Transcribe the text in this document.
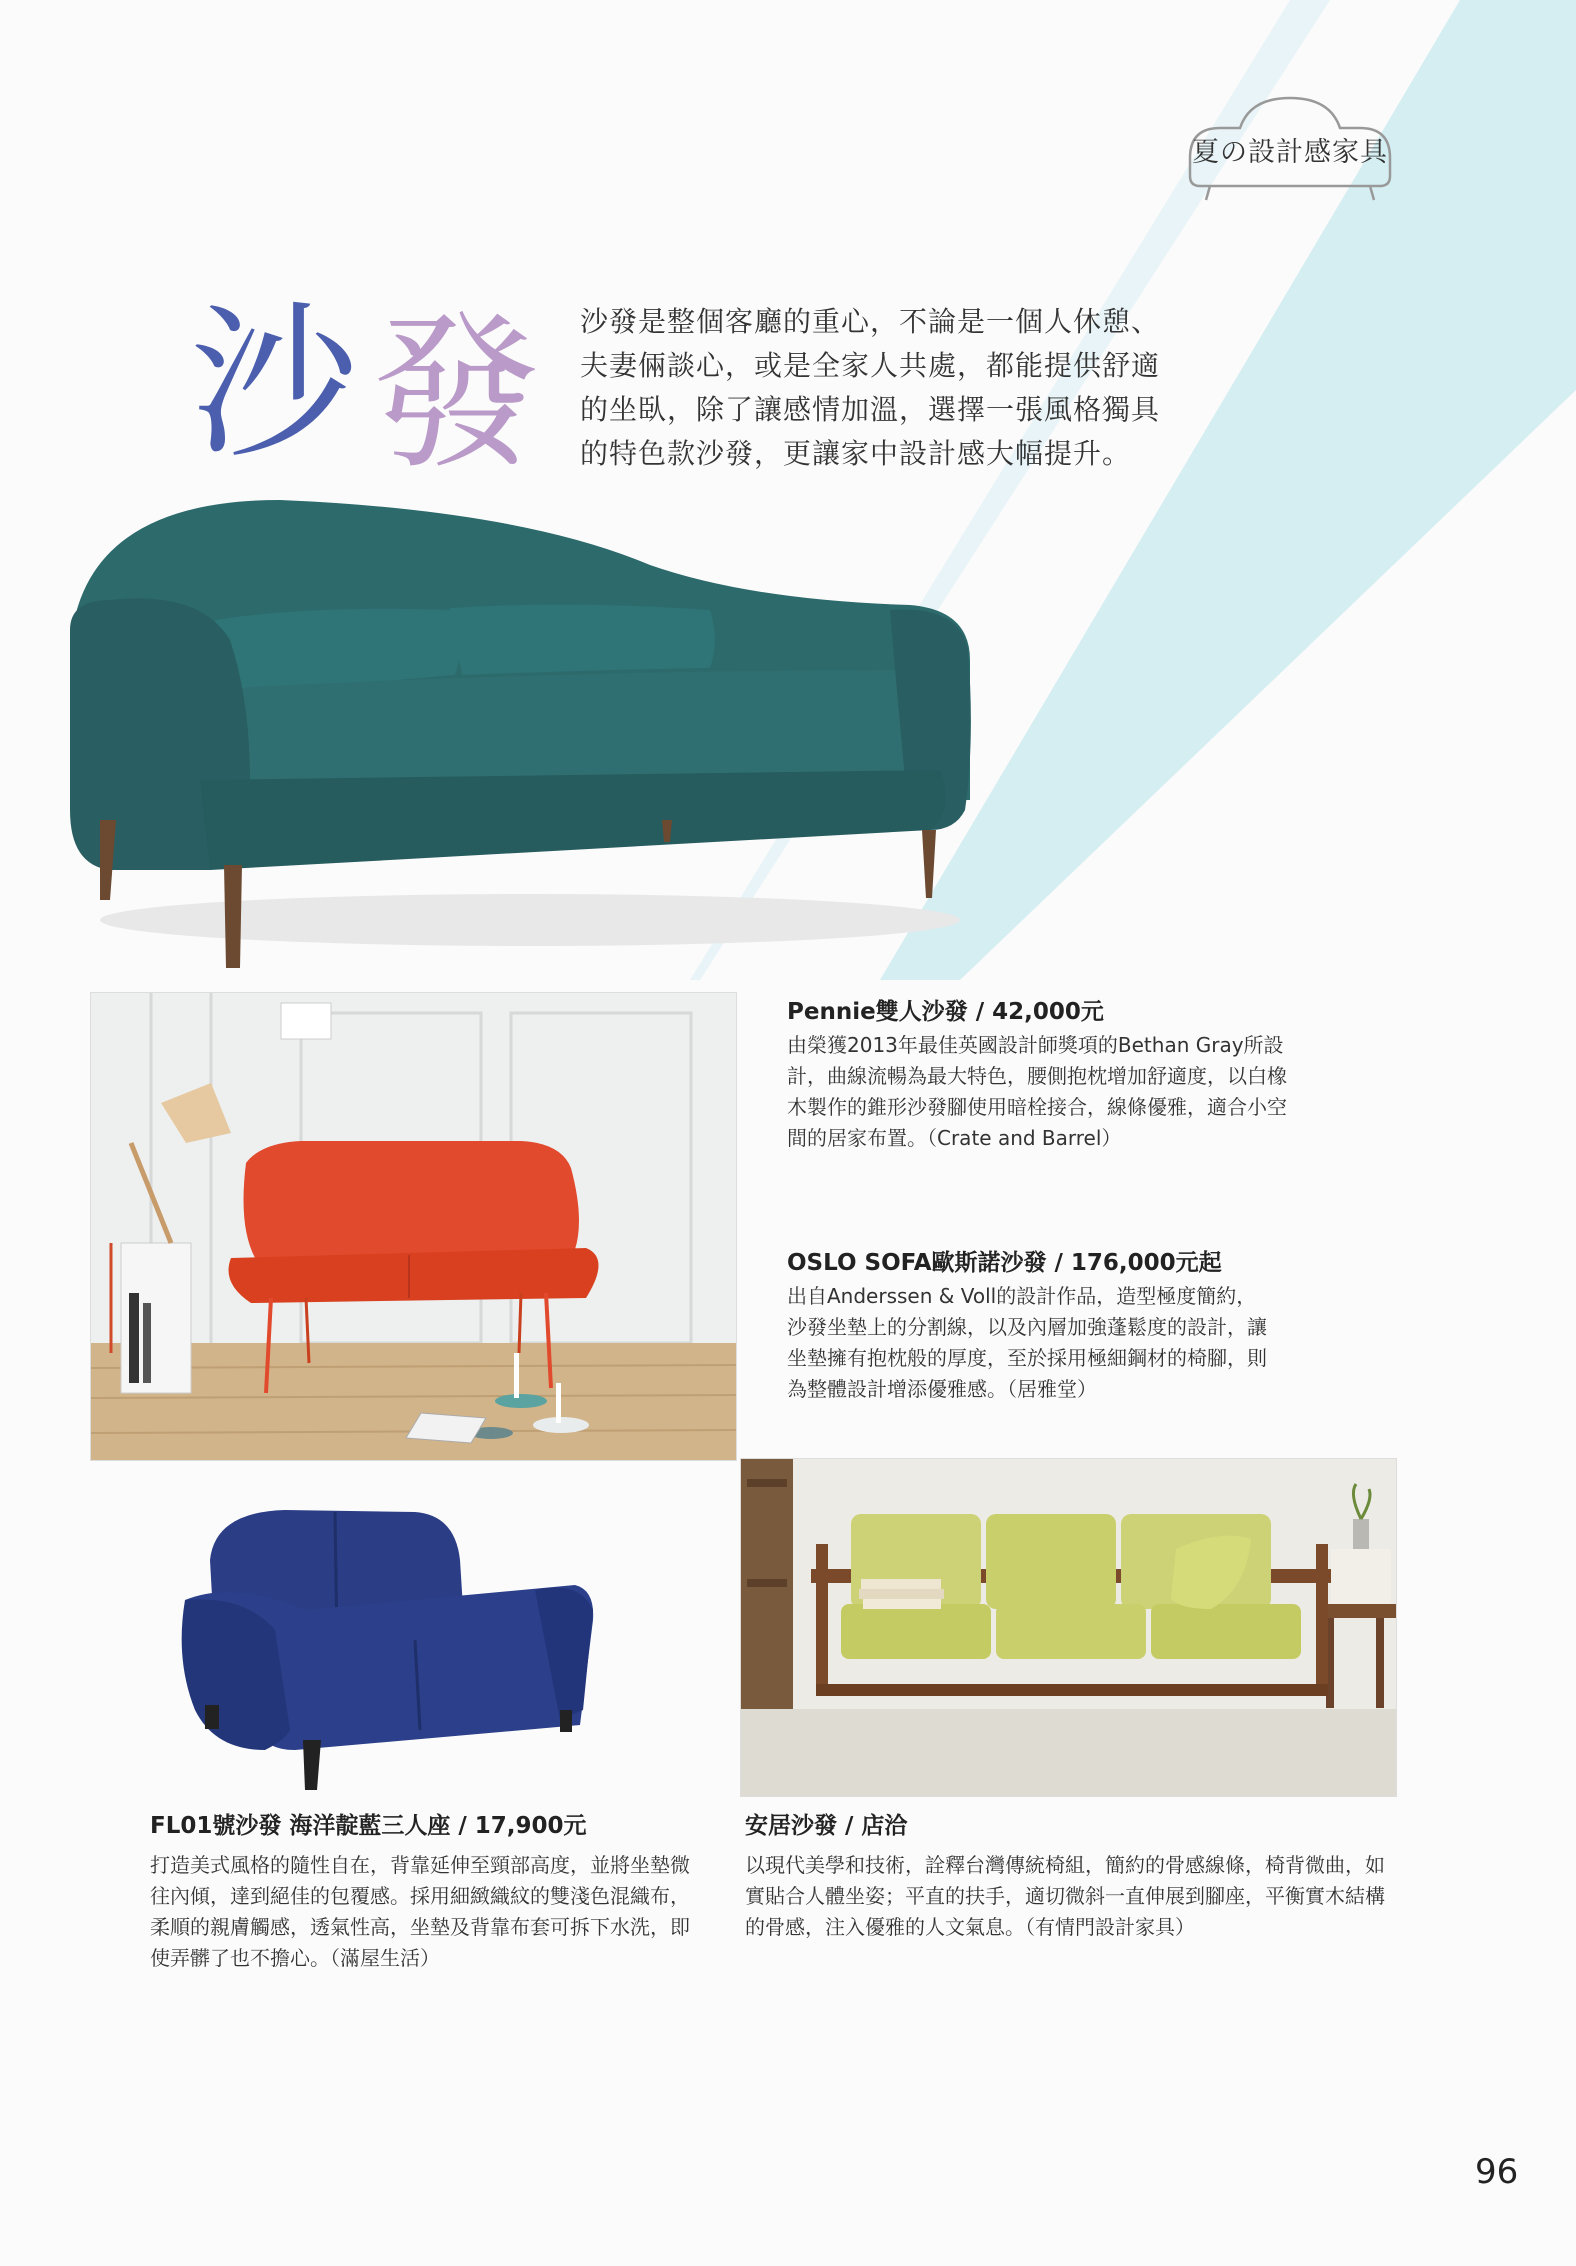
夏の設計感家具
沙 發 沙發是整個客廳的重心，不論是一個人休憩、夫妻倆談心，或是全家人共處，都能提供舒適的坐臥，除了讓感情加溫，選擇一張風格獨具的特色款沙發，更讓家中設計感大幅提升。
Pennie雙人沙發 / 42,000元
由榮獲2013年最佳英國設計師獎項的Bethan Gray所設計，曲線流暢為最大特色，腰側抱枕增加舒適度，以白橡木製作的錐形沙發腳使用暗栓接合，線條優雅，適合小空間的居家布置。（Crate and Barrel）
OSLO SOFA歐斯諾沙發 / 176,000元起
出自Anderssen & Voll的設計作品，造型極度簡約，沙發坐墊上的分割線，以及內層加強蓬鬆度的設計，讓坐墊擁有抱枕般的厚度，至於採用極細鋼材的椅腳，則為整體設計增添優雅感。（居雅堂）
FL01號沙發 海洋靛藍三人座 / 17,900元
打造美式風格的隨性自在，背靠延伸至頸部高度，並將坐墊微往內傾，達到絕佳的包覆感。採用細緻織紋的雙淺色混織布，柔順的親膚觸感，透氣性高，坐墊及背靠布套可拆下水洗，即使弄髒了也不擔心。（滿屋生活）
安居沙發 / 店洽
以現代美學和技術，詮釋台灣傳統椅組，簡約的骨感線條，椅背微曲，如實貼合人體坐姿；平直的扶手，適切微斜一直伸展到腳座，平衡實木結構的骨感，注入優雅的人文氣息。（有情門設計家具）
96
